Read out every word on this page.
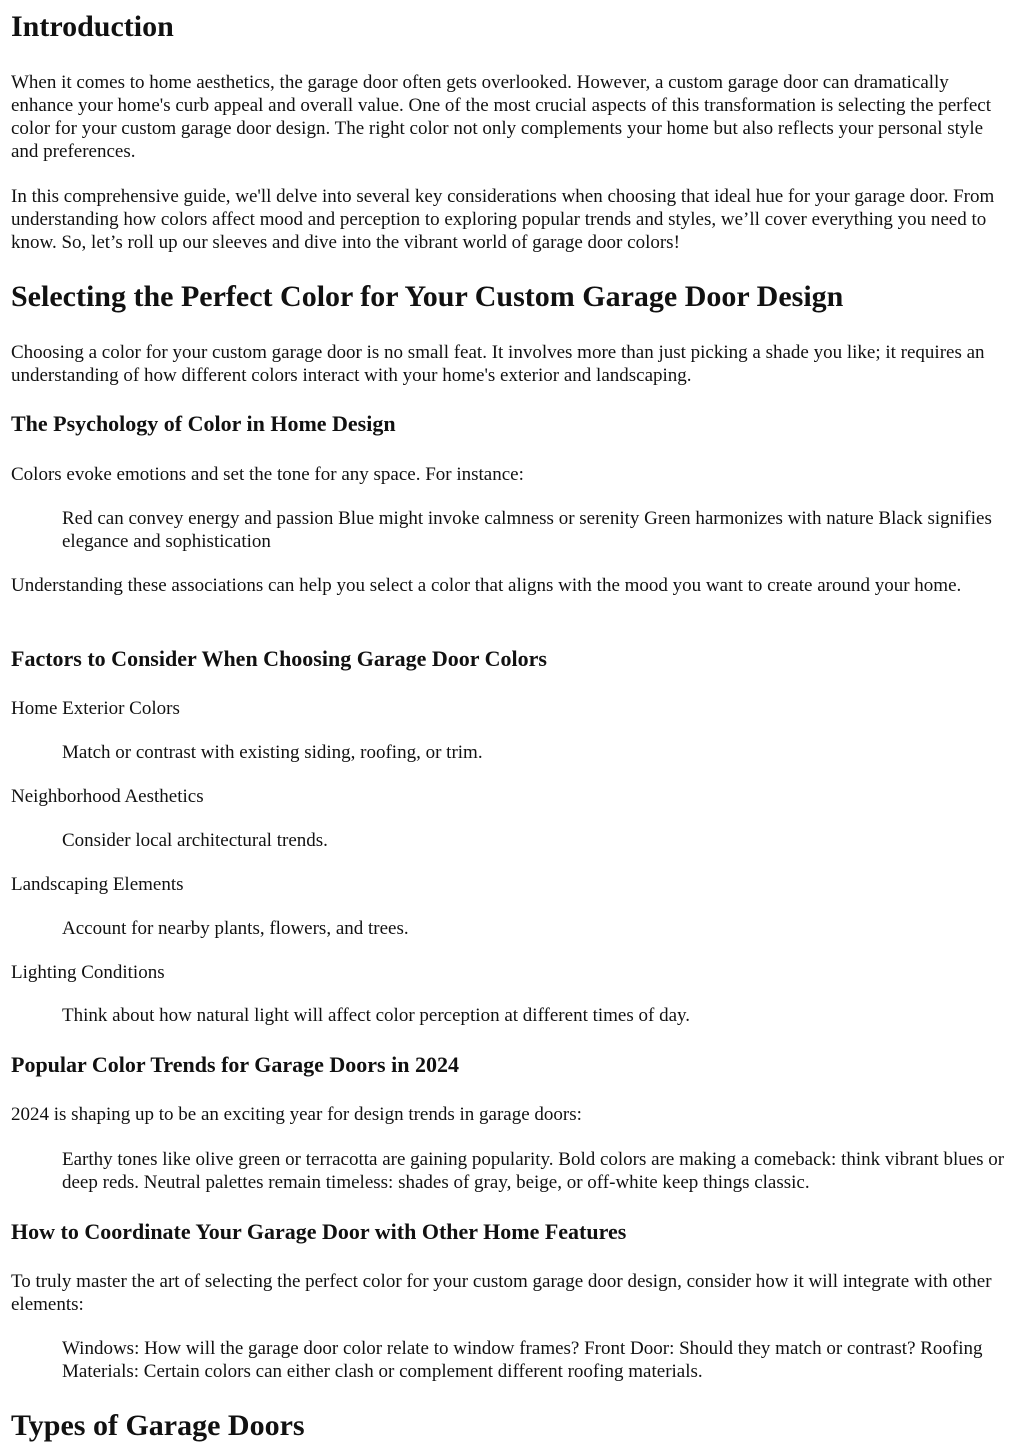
Introduction

When it comes to home aesthetics, the garage door often gets overlooked. However, a custom garage door can dramatically enhance your home's curb appeal and overall value. One of the most crucial aspects of this transformation is selecting the perfect color for your custom garage door design. The right color not only complements your home but also reflects your personal style and preferences.

In this comprehensive guide, we'll delve into several key considerations when choosing that ideal hue for your garage door. From understanding how colors affect mood and perception to exploring popular trends and styles, we’ll cover everything you need to know. So, let’s roll up our sleeves and dive into the vibrant world of garage door colors!

Selecting the Perfect Color for Your Custom Garage Door Design

Choosing a color for your custom garage door is no small feat. It involves more than just picking a shade you like; it requires an understanding of how different colors interact with your home's exterior and landscaping.

The Psychology of Color in Home Design

Colors evoke emotions and set the tone for any space. For instance:

Red can convey energy and passion Blue might invoke calmness or serenity Green harmonizes with nature Black signifies elegance and sophistication

Understanding these associations can help you select a color that aligns with the mood you want to create around your home.

Factors to Consider When Choosing Garage Door Colors

Home Exterior Colors

Match or contrast with existing siding, roofing, or trim.

Neighborhood Aesthetics

Consider local architectural trends.

Landscaping Elements

Account for nearby plants, flowers, and trees.

Lighting Conditions

Think about how natural light will affect color perception at different times of day.

Popular Color Trends for Garage Doors in 2024

2024 is shaping up to be an exciting year for design trends in garage doors:

Earthy tones like olive green or terracotta are gaining popularity. Bold colors are making a comeback: think vibrant blues or deep reds. Neutral palettes remain timeless: shades of gray, beige, or off-white keep things classic.

How to Coordinate Your Garage Door with Other Home Features

To truly master the art of selecting the perfect color for your custom garage door design, consider how it will integrate with other elements:

Windows: How will the garage door color relate to window frames? Front Door: Should they match or contrast? Roofing Materials: Certain colors can either clash or complement different roofing materials.

Types of Garage Doors
